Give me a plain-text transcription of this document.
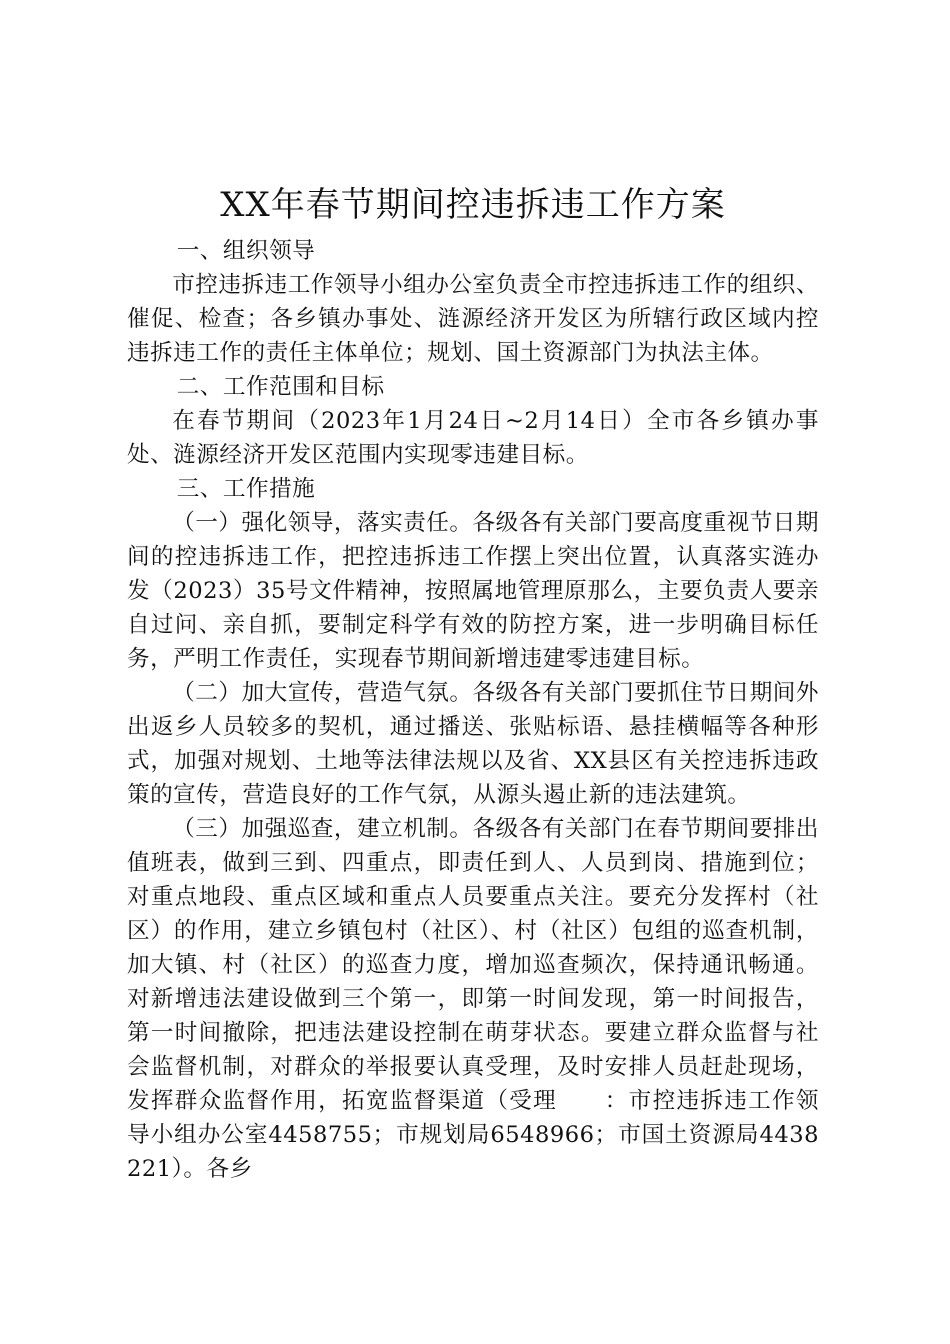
XX年春节期间控违拆违工作方案

一、组织领导

市控违拆违工作领导小组办公室负责全市控违拆违工作的组织、催促、检查；各乡镇办事处、涟源经济开发区为所辖行政区域内控违拆违工作的责任主体单位；规划、国土资源部门为执法主体。

二、工作范围和目标

在春节期间（2023年1月24日~2月14日）全市各乡镇办事处、涟源经济开发区范围内实现零违建目标。

三、工作措施

（一）强化领导，落实责任。各级各有关部门要高度重视节日期间的控违拆违工作，把控违拆违工作摆上突出位置，认真落实涟办发（2023）35号文件精神，按照属地管理原那么，主要负责人要亲自过问、亲自抓，要制定科学有效的防控方案，进一步明确目标任务，严明工作责任，实现春节期间新增违建零违建目标。

（二）加大宣传，营造气氛。各级各有关部门要抓住节日期间外出返乡人员较多的契机，通过播送、张贴标语、悬挂横幅等各种形式，加强对规划、土地等法律法规以及省、XX县区有关控违拆违政策的宣传，营造良好的工作气氛，从源头遏止新的违法建筑。

（三）加强巡查，建立机制。各级各有关部门在春节期间要排出值班表，做到三到、四重点，即责任到人、人员到岗、措施到位；对重点地段、重点区域和重点人员要重点关注。要充分发挥村（社区）的作用，建立乡镇包村（社区）、村（社区）包组的巡查机制，加大镇、村（社区）的巡查力度，增加巡查频次，保持通讯畅通。对新增违法建设做到三个第一，即第一时间发现，第一时间报告，第一时间撤除，把违法建设控制在萌芽状态。要建立群众监督与社会监督机制，对群众的举报要认真受理，及时安排人员赶赴现场，发挥群众监督作用，拓宽监督渠道（受理　　：市控违拆违工作领导小组办公室4458755；市规划局6548966；市国土资源局4438221）。各乡
